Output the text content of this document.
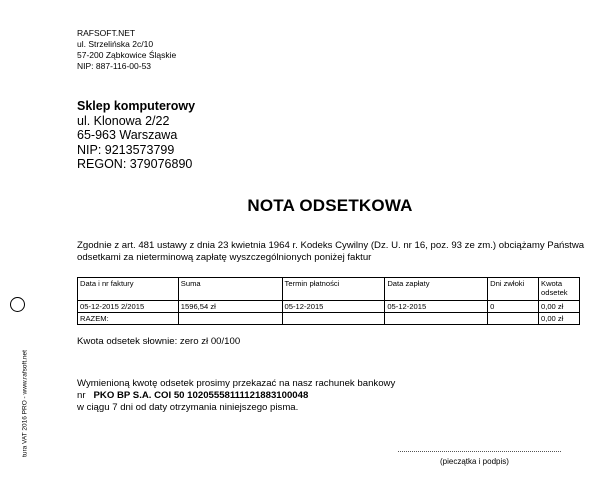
RAFSOFT.NET
ul. Strzelińska 2c/10
57-200 Ząbkowice Śląskie
NIP: 887-116-00-53
Sklep komputerowy
ul. Klonowa 2/22
65-963 Warszawa
NIP: 9213573799
REGON: 379076890
NOTA ODSETKOWA
Zgodnie z art. 481 ustawy z dnia 23 kwietnia 1964 r. Kodeks Cywilny (Dz. U. nr 16, poz. 93 ze zm.) obciążamy Państwa odsetkami za nieterminową zapłatę wyszczególnionych poniżej faktur
Data i nr faktury	Suma	Termin płatności	Data zapłaty	Dni zwłoki	Kwota odsetek
05-12-2015 2/2015	1596,54 zł	05-12-2015	05-12-2015	0	0,00 zł
RAZEM:					0,00 zł
Kwota odsetek słownie: zero zł 00/100
Wymienioną kwotę odsetek prosimy przekazać na nasz rachunek bankowy
nr PKO BP S.A. COI 50 10205558111121883100048
w ciągu 7 dni od daty otrzymania niniejszego pisma.
(pieczątka i podpis)
tura VAT 2016 PRO - www.rafsoft.net
